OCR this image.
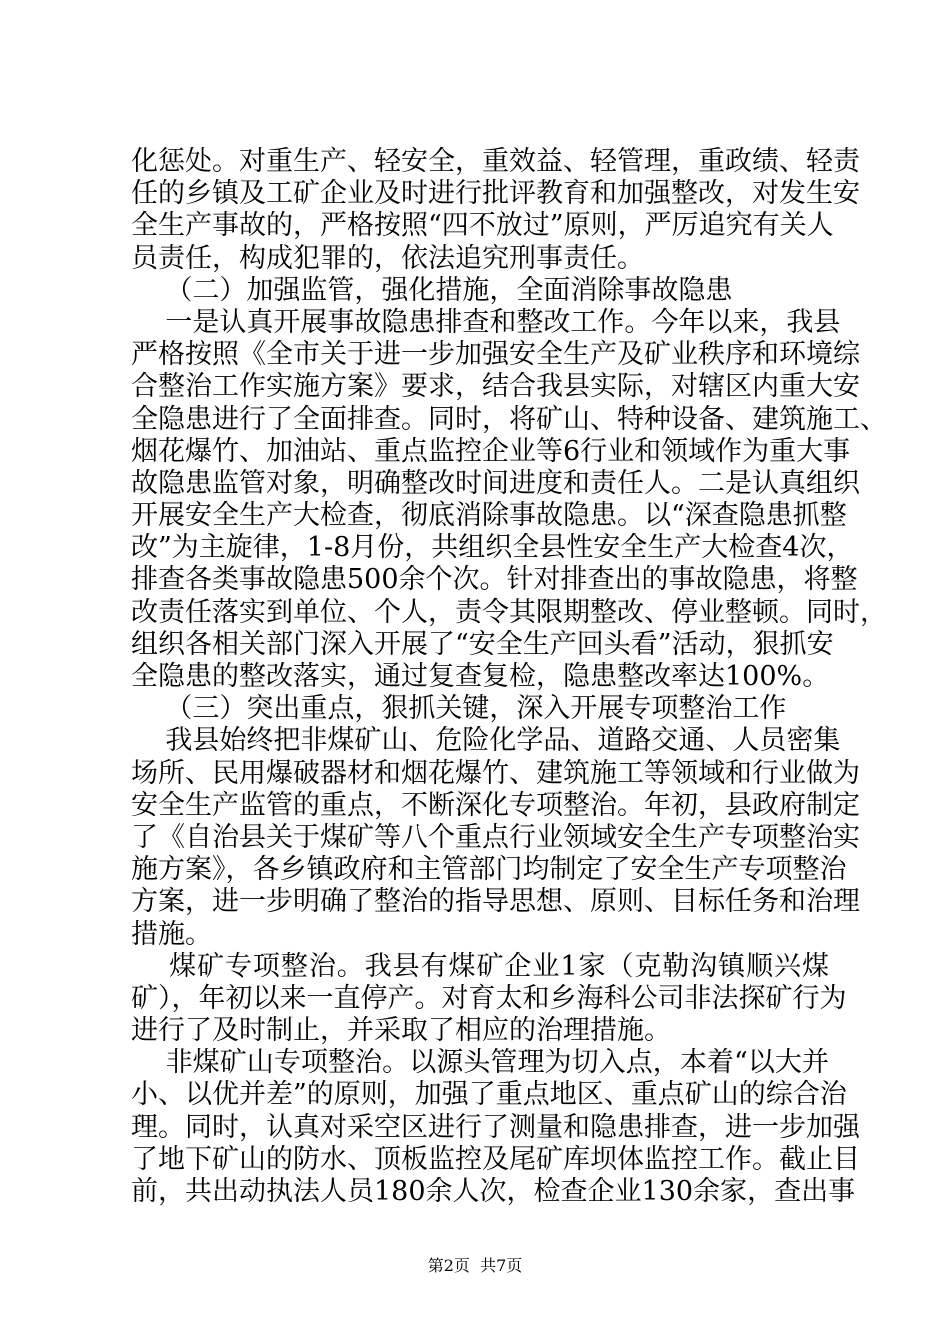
化惩处。对重生产、轻安全，重效益、轻管理，重政绩、轻责
任的乡镇及工矿企业及时进行批评教育和加强整改，对发生安
全生产事故的，严格按照“四不放过”原则，严厉追究有关人
员责任，构成犯罪的，依法追究刑事责任。
（二）加强监管，强化措施，全面消除事故隐患
一是认真开展事故隐患排查和整改工作。今年以来，我县
严格按照《全市关于进一步加强安全生产及矿业秩序和环境综
合整治工作实施方案》要求，结合我县实际，对辖区内重大安
全隐患进行了全面排查。同时，将矿山、特种设备、建筑施工、
烟花爆竹、加油站、重点监控企业等6行业和领域作为重大事
故隐患监管对象，明确整改时间进度和责任人。二是认真组织
开展安全生产大检查，彻底消除事故隐患。以“深查隐患抓整
改”为主旋律，1-8月份，共组织全县性安全生产大检查4次，
排查各类事故隐患500余个次。针对排查出的事故隐患，将整
改责任落实到单位、个人，责令其限期整改、停业整顿。同时，
组织各相关部门深入开展了“安全生产回头看”活动，狠抓安
全隐患的整改落实，通过复查复检，隐患整改率达100%。
（三）突出重点，狠抓关键，深入开展专项整治工作
我县始终把非煤矿山、危险化学品、道路交通、人员密集
场所、民用爆破器材和烟花爆竹、建筑施工等领域和行业做为
安全生产监管的重点，不断深化专项整治。年初，县政府制定
了《自治县关于煤矿等八个重点行业领域安全生产专项整治实
施方案》，各乡镇政府和主管部门均制定了安全生产专项整治
方案，进一步明确了整治的指导思想、原则、目标任务和治理
措施。
煤矿专项整治。我县有煤矿企业1家（克勒沟镇顺兴煤
矿），年初以来一直停产。对育太和乡海科公司非法探矿行为
进行了及时制止，并采取了相应的治理措施。
非煤矿山专项整治。以源头管理为切入点，本着“以大并
小、以优并差”的原则，加强了重点地区、重点矿山的综合治
理。同时，认真对采空区进行了测量和隐患排查，进一步加强
了地下矿山的防水、顶板监控及尾矿库坝体监控工作。截止目
前，共出动执法人员180余人次，检查企业130余家，查出事
第2页  共7页
